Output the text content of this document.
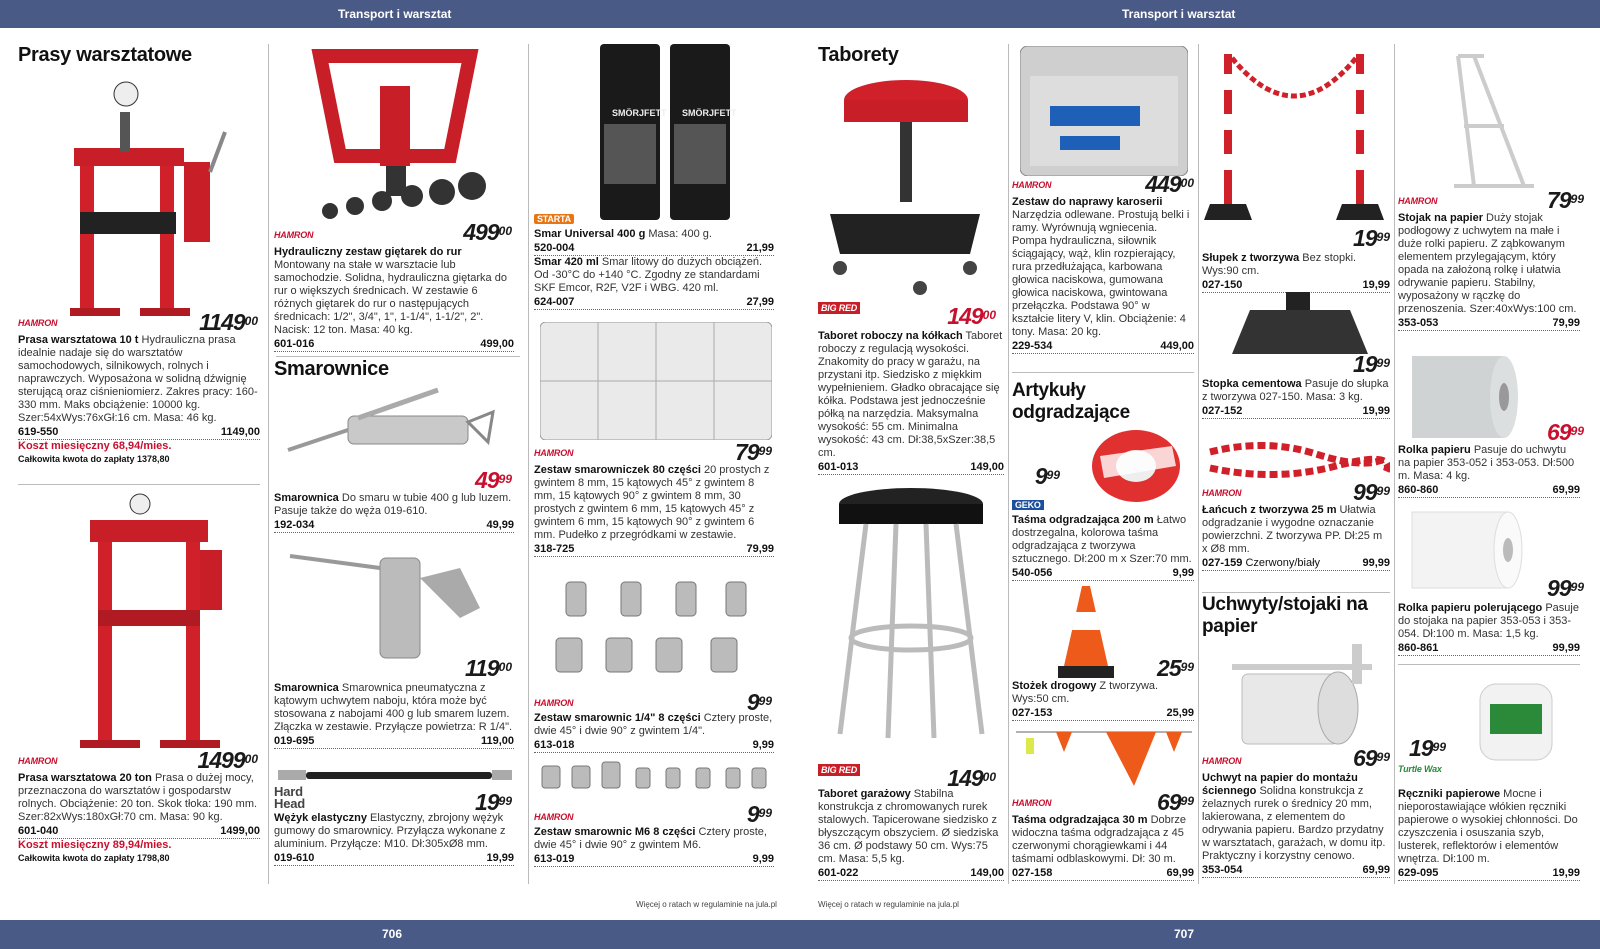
Transport i warsztat	Transport i warsztat
706	707
Prasy warsztatowe
HAMRON	1149$^{00}$
Prasa warsztatowa 10 t Hydrauliczna prasa idealnie nadaje się do warsztatów samochodowych, silnikowych, rolnych i naprawczych. Wyposażona w solidną dźwignię sterującą oraz ciśnieniomierz. Zakres pracy: 160-330 mm. Maks obciążenie: 10000 kg. Szer:54xWys:76xGł:16 cm. Masa: 46 kg.
619-550	1149,00
Koszt miesięczny 68,94/mies.
Całkowita kwota do zapłaty 1378,80
HAMRON	1499$^{00}$
Prasa warsztatowa 20 ton Prasa o dużej mocy, przeznaczona do warsztatów i gospodarstw rolnych. Obciążenie: 20 ton. Skok tłoka: 190 mm. Szer:82xWys:180xGł:70 cm. Masa: 90 kg.
601-040	1499,00
Koszt miesięczny 89,94/mies.
Całkowita kwota do zapłaty 1798,80
HAMRON	$499^{00}$
Hydrauliczny zestaw giętarek do rur Montowany na stałe w warsztacie lub samochodzie. Solidna, hydrauliczna giętarka do rur o większych średnicach. W zestawie 6 różnych giętarek do rur o następujących średnicach: 1/2", 3/4", 1", 1-1/4", 1-1/2", 2". Nacisk: 12 ton. Masa: 40 kg.
601-016	499,00
Smarownice
$49^{99}$
Smarownica Do smaru w tubie 400 g lub luzem. Pasuje także do węża 019-610.
192-034	49,99
$119^{00}$
Smarownica Smarownica pneumatyczna z kątowym uchwytem naboju, która może być stosowana z nabojami 400 g lub smarem luzem. Złączka w zestawie. Przyłącze powietrza: R 1/4".
019-695	119,00
Hard Head	$19^{99}$
Wężyk elastyczny Elastyczny, zbrojony wężyk gumowy do smarownicy. Przyłącza wykonane z aluminium. Przyłącze: M10. Dł:305xØ8 mm.
019-610	19,99
SMÖRJFETT SMÖRJFETT
STARTA
Smar Universal 400 g Masa: 400 g.
520-004	21,99
Smar 420 ml Smar litowy do dużych obciążeń. Od -30°C do +140 °C. Zgodny ze standardami SKF Emcor, R2F, V2F i WBG. 420 ml.
624-007	27,99
HAMRON	$79^{99}$
Zestaw smarowniczek 80 części 20 prostych z gwintem 8 mm, 15 kątowych 45° z gwintem 8 mm, 15 kątowych 90° z gwintem 8 mm, 30 prostych z gwintem 6 mm, 15 kątowych 45° z gwintem 6 mm, 15 kątowych 90° z gwintem 6 mm. Pudełko z przegródkami w zestawie.
318-725	79,99
$9^{99}$
HAMRON
Zestaw smarownic 1/4" 8 części Cztery proste, dwie 45° i dwie 90° z gwintem 1/4".
613-018	9,99
$9^{99}$
HAMRON
Zestaw smarownic M6 8 części Cztery proste, dwie 45° i dwie 90° z gwintem M6.
613-019	9,99
Więcej o ratach w regulaminie na jula.pl
Taborety
BIG RED	$149^{00}$
Taboret roboczy na kółkach Taboret roboczy z regulacją wysokości. Znakomity do pracy w garażu, na przystani itp. Siedzisko z miękkim wypełnieniem. Gładko obracające się kółka. Podstawa jest jednocześnie półką na narzędzia. Maksymalna wysokość: 55 cm. Minimalna wysokość: 43 cm. Dł:38,5xSzer:38,5 cm.
601-013	149,00
BIG RED	$149^{00}$
Taboret garażowy Stabilna konstrukcja z chromowanych rurek stalowych. Tapicerowane siedzisko z błyszczącym obszyciem. Ø siedziska 36 cm. Ø podstawy 50 cm. Wys:75 cm. Masa: 5,5 kg.
601-022	149,00
Więcej o ratach w regulaminie na jula.pl
HAMRON	$449^{00}$
Zestaw do naprawy karoserii Narzędzia odlewane. Prostują belki i ramy. Wyrównują wgniecenia. Pompa hydrauliczna, siłownik ściągający, wąż, klin rozpierający, rura przedłużająca, karbowana głowica naciskowa, gumowana głowica naciskowa, gwintowana przełączka. Podstawa 90° w kształcie litery V, klin. Obciążenie: 4 tony. Masa: 20 kg.
229-534	449,00
Artykuły odgradzające
$9^{99}$
GEKO
Taśma odgradzająca 200 m Łatwo dostrzegalna, kolorowa taśma odgradzająca z tworzywa sztucznego. Dł:200 m x Szer:70 mm.
540-056	9,99
$25^{99}$
Stożek drogowy Z tworzywa. Wys:50 cm.
027-153	25,99
HAMRON	$69^{99}$
Taśma odgradzająca 30 m Dobrze widoczna taśma odgradzająca z 45 czerwonymi chorągiewkami i 44 taśmami odblaskowymi. Dł: 30 m.
027-158	69,99
$19^{99}$
Słupek z tworzywa Bez stopki. Wys:90 cm.
027-150	19,99
$19^{99}$
Stopka cementowa Pasuje do słupka z tworzywa 027-150. Masa: 3 kg.
027-152	19,99
HAMRON	$99^{99}$
Łańcuch z tworzywa 25 m Ułatwia odgradzanie i wygodne oznaczanie powierzchni. Z tworzywa PP. Dł:25 m x Ø8 mm.
027-159 Czerwony/biały	99,99
Uchwyty/stojaki na papier
HAMRON	$69^{99}$
Uchwyt na papier do montażu ściennego Solidna konstrukcja z żelaznych rurek o średnicy 20 mm, lakierowana, z elementem do odrywania papieru. Bardzo przydatny w warsztatach, garażach, w domu itp. Praktyczny i korzystny cenowo.
353-054	69,99
HAMRON	$79^{99}$
Stojak na papier Duży stojak podłogowy z uchwytem na małe i duże rolki papieru. Z ząbkowanym elementem przylegającym, który opada na założoną rolkę i ułatwia odrywanie papieru. Stabilny, wyposażony w rączkę do przenoszenia. Szer:40xWys:100 cm.
353-053	79,99
$69^{99}$
Rolka papieru Pasuje do uchwytu na papier 353-052 i 353-053. Dł:500 m. Masa: 4 kg.
860-860	69,99
$99^{99}$
Rolka papieru polerującego Pasuje do stojaka na papier 353-053 i 353-054. Dł:100 m. Masa: 1,5 kg.
860-861	99,99
$19^{99}$
Turtle Wax
Ręczniki papierowe Mocne i nieporostawiające włókien ręczniki papierowe o wysokiej chłonności. Do czyszczenia i osuszania szyb, lusterek, reflektorów i elementów wnętrza. Dł:100 m.
629-095	19,99
